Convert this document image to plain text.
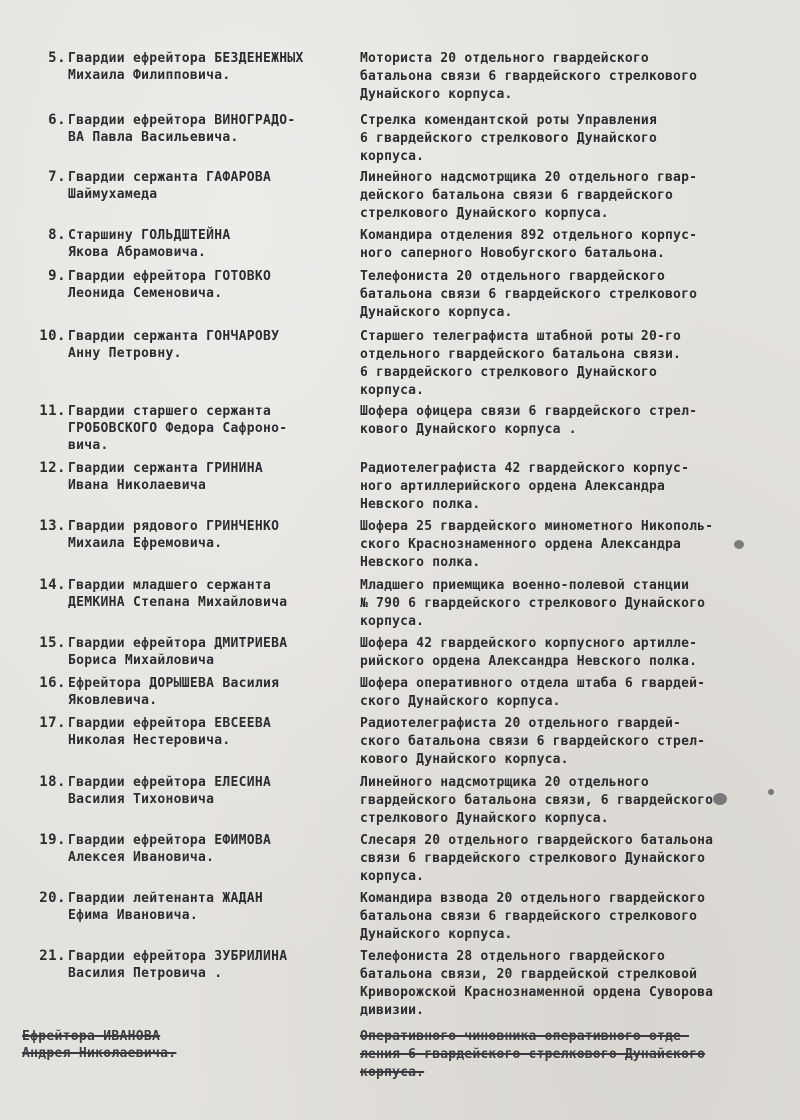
5. Гвардии ефрейтора БЕЗДЕНЕЖНЫХ
Михаила Филипповича.
Моториста 20 отдельного гвардейского
батальона связи 6 гвардейского стрелкового
Дунайского корпуса.
6. Гвардии ефрейтора ВИНОГРАДО-
ВА Павла Васильевича.
Стрелка комендантской роты Управления
6 гвардейского стрелкового Дунайского
корпуса.
7. Гвардии сержанта ГАФАРОВА
Шаймухамеда
Линейного надсмотрщика 20 отдельного гвар-
дейского батальона связи 6 гвардейского
стрелкового Дунайского корпуса.
8. Старшину ГОЛЬДШТЕЙНА
Якова Абрамовича.
Командира отделения 892 отдельного корпус-
ного саперного Новобугского батальона.
9. Гвардии ефрейтора ГОТОВКО
Леонида Семеновича.
Телефониста 20 отдельного гвардейского
батальона связи 6 гвардейского стрелкового
Дунайского корпуса.
10. Гвардии сержанта ГОНЧАРОВУ
Анну Петровну.
Старшего телеграфиста штабной роты 20-го
отдельного гвардейского батальона связи.
6 гвардейского стрелкового Дунайского
корпуса.
11. Гвардии старшего сержанта
ГРОБОВСКОГО Федора Сафроно-
вича.
Шофера офицера связи 6 гвардейского стрел-
кового Дунайского корпуса .
12. Гвардии сержанта ГРИНИНА
Ивана Николаевича
Радиотелеграфиста 42 гвардейского корпус-
ного артиллерийского ордена Александра
Невского полка.
13. Гвардии рядового ГРИНЧЕНКО
Михаила Ефремовича.
Шофера 25 гвардейского минометного Никополь-
ского Краснознаменного ордена Александра
Невского полка.
14. Гвардии младшего сержанта
ДЕМКИНА Степана Михайловича
Младшего приемщика военно-полевой станции
№ 790 6 гвардейского стрелкового Дунайского
корпуса.
15. Гвардии ефрейтора ДМИТРИЕВА
Бориса Михайловича
Шофера 42 гвардейского корпусного артилле-
рийского ордена Александра Невского полка.
16. Ефрейтора ДОРЫШЕВА Василия
Яковлевича.
Шофера оперативного отдела штаба 6 гвардей-
ского Дунайского корпуса.
17. Гвардии ефрейтора ЕВСЕЕВА
Николая Нестеровича.
Радиотелеграфиста 20 отдельного гвардей-
ского батальона связи 6 гвардейского стрел-
кового Дунайского корпуса.
18. Гвардии ефрейтора ЕЛЕСИНА
Василия Тихоновича
Линейного надсмотрщика 20 отдельного
гвардейского батальона связи, 6 гвардейского
стрелкового Дунайского корпуса.
19. Гвардии ефрейтора ЕФИМОВА
Алексея Ивановича.
Слесаря 20 отдельного гвардейского батальона
связи 6 гвардейского стрелкового Дунайского
корпуса.
20. Гвардии лейтенанта ЖАДАН
Ефима Ивановича.
Командира взвода 20 отдельного гвардейского
батальона связи 6 гвардейского стрелкового
Дунайского корпуса.
21. Гвардии ефрейтора ЗУБРИЛИНА
Василия Петровича .
Телефониста 28 отдельного гвардейского
батальона связи, 20 гвардейской стрелковой
Криворожской Краснознаменной ордена Суворова
дивизии.
Ефрейтора ИВАНОВА
Андрея Николаевича.
Оперативного чиновника оперативного отде-
ления 6 гвардейского стрелкового Дунайского
корпуса.
